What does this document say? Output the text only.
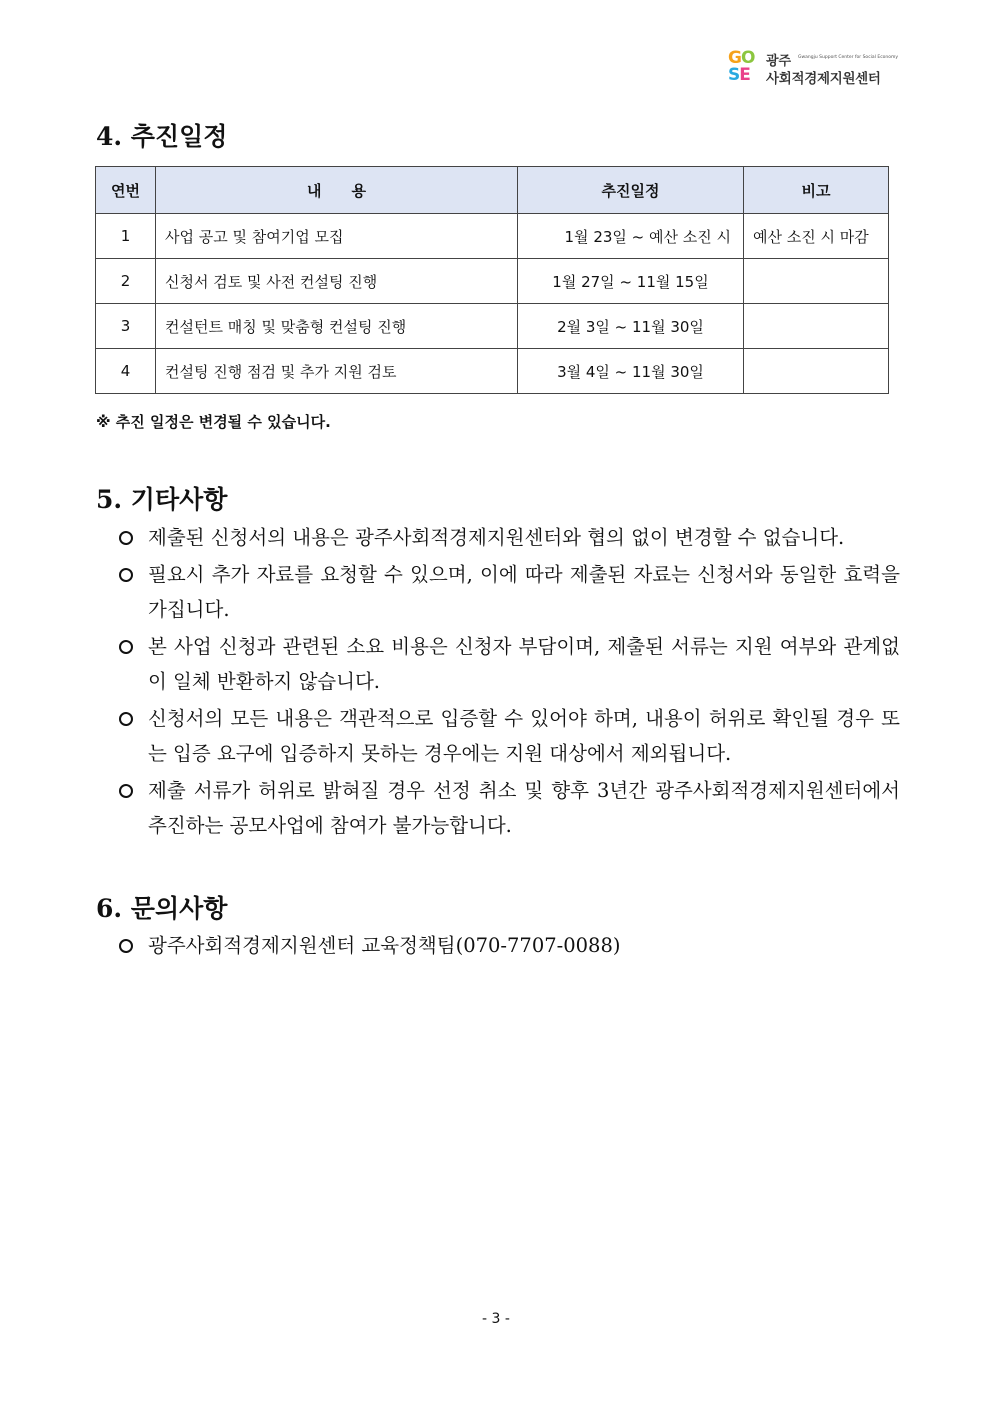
GO
SE
광주 Gwangju Support Center for Social Economy
사회적경제지원센터
4. 추진일정
연번	내　　용	추진일정	비고
1	사업 공고 및 참여기업 모집	1월 23일 ~ 예산 소진 시	예산 소진 시 마감
2	신청서 검토 및 사전 컨설팅 진행	1월 27일 ~ 11월 15일	
3	컨설턴트 매칭 및 맞춤형 컨설팅 진행	2월 3일 ~ 11월 30일	
4	컨설팅 진행 점검 및 추가 지원 검토	3월 4일 ~ 11월 30일	
※ 추진 일정은 변경될 수 있습니다.
5. 기타사항
제출된 신청서의 내용은 광주사회적경제지원센터와 협의 없이 변경할 수 없습니다.
필요시 추가 자료를 요청할 수 있으며, 이에 따라 제출된 자료는 신청서와 동일한 효력을 가집니다.
본 사업 신청과 관련된 소요 비용은 신청자 부담이며, 제출된 서류는 지원 여부와 관계없이 일체 반환하지 않습니다.
신청서의 모든 내용은 객관적으로 입증할 수 있어야 하며, 내용이 허위로 확인될 경우 또는 입증 요구에 입증하지 못하는 경우에는 지원 대상에서 제외됩니다.
제출 서류가 허위로 밝혀질 경우 선정 취소 및 향후 3년간 광주사회적경제지원센터에서 추진하는 공모사업에 참여가 불가능합니다.
6. 문의사항
광주사회적경제지원센터 교육정책팀(070-7707-0088)
- 3 -
